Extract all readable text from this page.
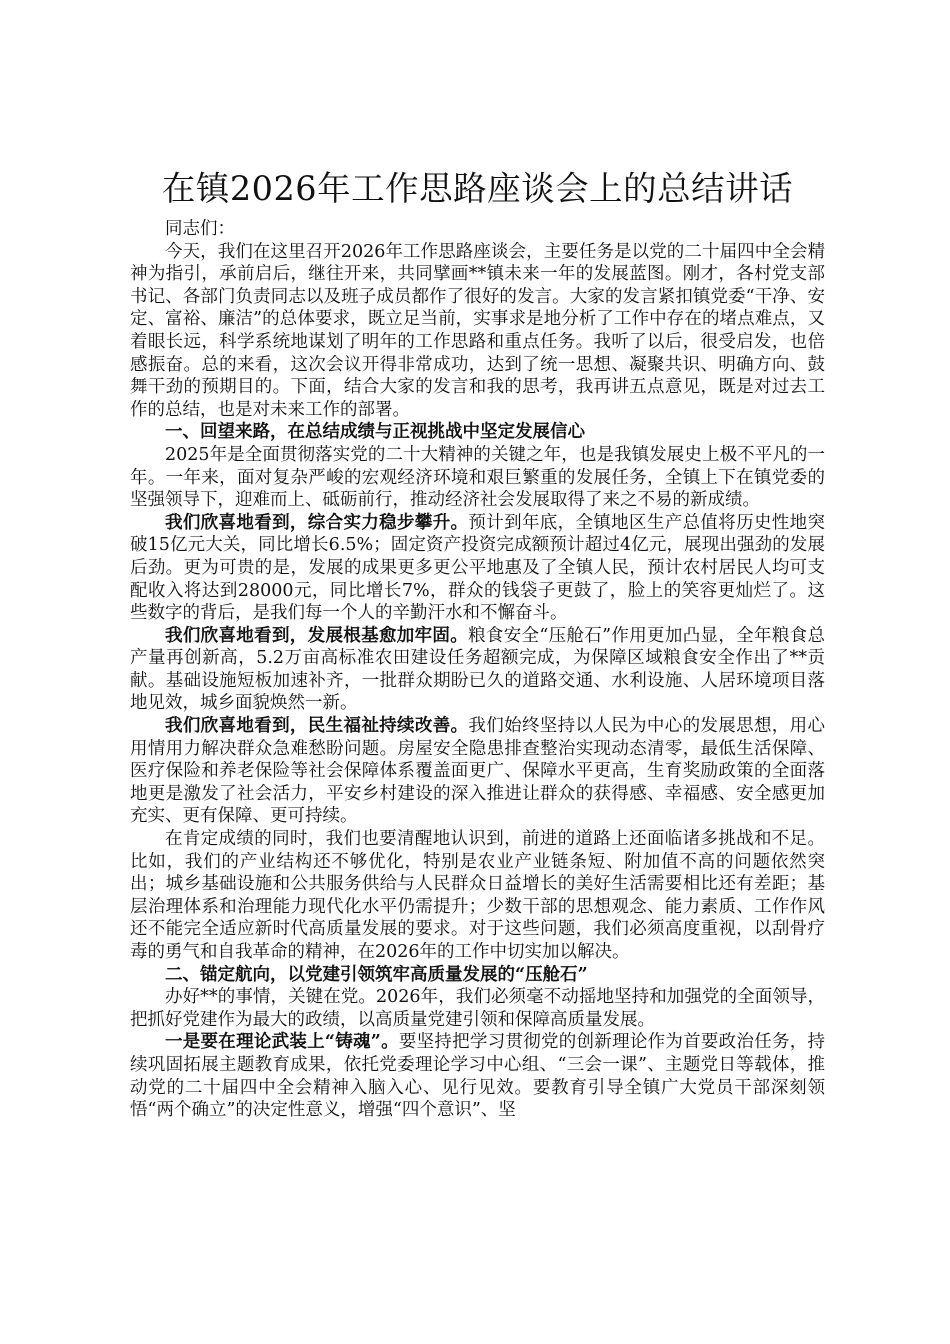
在镇2026年工作思路座谈会上的总结讲话

同志们：

今天，我们在这里召开2026年工作思路座谈会，主要任务是以党的二十届四中全会精神为指引，承前启后，继往开来，共同擘画**镇未来一年的发展蓝图。刚才，各村党支部书记、各部门负责同志以及班子成员都作了很好的发言。大家的发言紧扣镇党委“干净、安定、富裕、廉洁”的总体要求，既立足当前，实事求是地分析了工作中存在的堵点难点，又着眼长远，科学系统地谋划了明年的工作思路和重点任务。我听了以后，很受启发，也倍感振奋。总的来看，这次会议开得非常成功，达到了统一思想、凝聚共识、明确方向、鼓舞干劲的预期目的。下面，结合大家的发言和我的思考，我再讲五点意见，既是对过去工作的总结，也是对未来工作的部署。

一、回望来路，在总结成绩与正视挑战中坚定发展信心

2025年是全面贯彻落实党的二十大精神的关键之年，也是我镇发展史上极不平凡的一年。一年来，面对复杂严峻的宏观经济环境和艰巨繁重的发展任务，全镇上下在镇党委的坚强领导下，迎难而上、砥砺前行，推动经济社会发展取得了来之不易的新成绩。

我们欣喜地看到，综合实力稳步攀升。预计到年底，全镇地区生产总值将历史性地突破15亿元大关，同比增长6.5%；固定资产投资完成额预计超过4亿元，展现出强劲的发展后劲。更为可贵的是，发展的成果更多更公平地惠及了全镇人民，预计农村居民人均可支配收入将达到28000元，同比增长7%，群众的钱袋子更鼓了，脸上的笑容更灿烂了。这些数字的背后，是我们每一个人的辛勤汗水和不懈奋斗。

我们欣喜地看到，发展根基愈加牢固。粮食安全“压舱石”作用更加凸显，全年粮食总产量再创新高，5.2万亩高标准农田建设任务超额完成，为保障区域粮食安全作出了**贡献。基础设施短板加速补齐，一批群众期盼已久的道路交通、水利设施、人居环境项目落地见效，城乡面貌焕然一新。

我们欣喜地看到，民生福祉持续改善。我们始终坚持以人民为中心的发展思想，用心用情用力解决群众急难愁盼问题。房屋安全隐患排查整治实现动态清零，最低生活保障、医疗保险和养老保险等社会保障体系覆盖面更广、保障水平更高，生育奖励政策的全面落地更是激发了社会活力，平安乡村建设的深入推进让群众的获得感、幸福感、安全感更加充实、更有保障、更可持续。

在肯定成绩的同时，我们也要清醒地认识到，前进的道路上还面临诸多挑战和不足。比如，我们的产业结构还不够优化，特别是农业产业链条短、附加值不高的问题依然突出；城乡基础设施和公共服务供给与人民群众日益增长的美好生活需要相比还有差距；基层治理体系和治理能力现代化水平仍需提升；少数干部的思想观念、能力素质、工作作风还不能完全适应新时代高质量发展的要求。对于这些问题，我们必须高度重视，以刮骨疗毒的勇气和自我革命的精神，在2026年的工作中切实加以解决。

二、锚定航向，以党建引领筑牢高质量发展的“压舱石”

办好**的事情，关键在党。2026年，我们必须毫不动摇地坚持和加强党的全面领导，把抓好党建作为最大的政绩，以高质量党建引领和保障高质量发展。

一是要在理论武装上“铸魂”。要坚持把学习贯彻党的创新理论作为首要政治任务，持续巩固拓展主题教育成果，依托党委理论学习中心组、“三会一课”、主题党日等载体，推动党的二十届四中全会精神入脑入心、见行见效。要教育引导全镇广大党员干部深刻领悟“两个确立”的决定性意义，增强“四个意识”、坚
